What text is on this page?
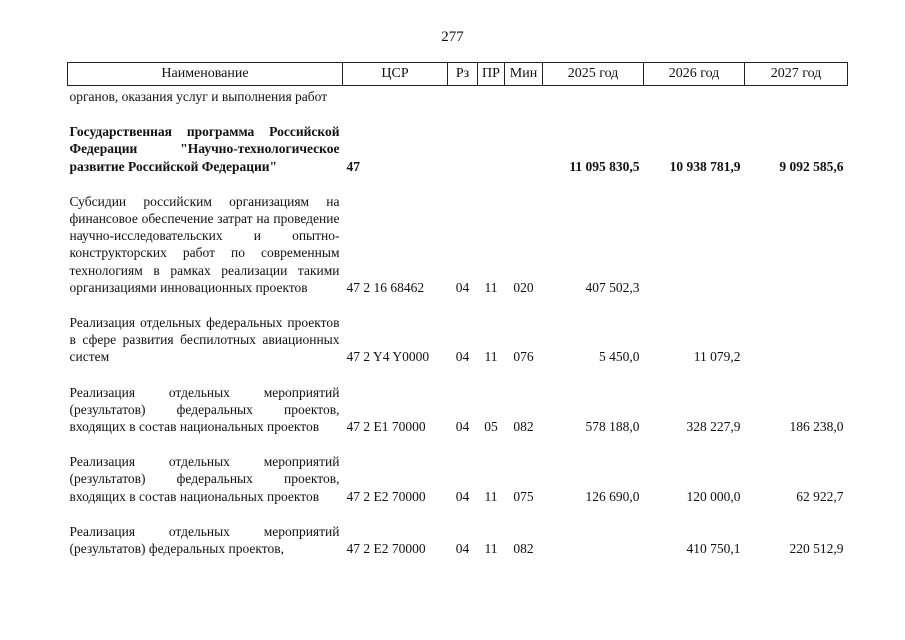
277
Наименование	ЦСР	Рз	ПР	Мин	2025 год	2026 год	2027 год
органов, оказания услуг и выполнения работ							
Государственная программа Российской Федерации "Научно-технологическое развитие Российской Федерации"	47				11 095 830,5	10 938 781,9	9 092 585,6
Субсидии российским организациям на финансовое обеспечение затрат на проведение научно-исследовательских и опытно-конструкторских работ по современным технологиям в рамках реализации такими организациями инновационных проектов	47 2 16 68462	04	11	020	407 502,3		
Реализация отдельных федеральных проектов в сфере развития беспилотных авиационных систем	47 2 Y4 Y0000	04	11	076	5 450,0	11 079,2	
Реализация отдельных мероприятий (результатов) федеральных проектов, входящих в состав национальных проектов	47 2 E1 70000	04	05	082	578 188,0	328 227,9	186 238,0
Реализация отдельных мероприятий (результатов) федеральных проектов, входящих в состав национальных проектов	47 2 E2 70000	04	11	075	126 690,0	120 000,0	62 922,7
Реализация отдельных мероприятий (результатов) федеральных проектов,	47 2 E2 70000	04	11	082		410 750,1	220 512,9
